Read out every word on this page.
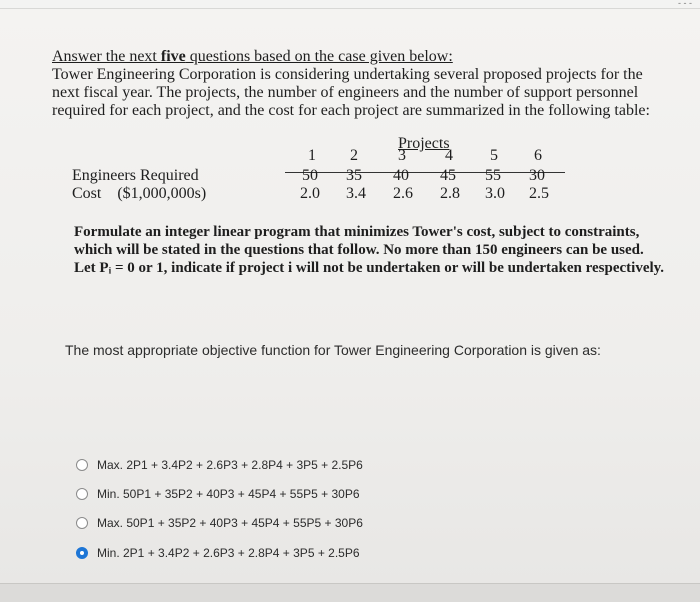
- - -

Answer the next five questions based on the case given below:

Tower Engineering Corporation is considering undertaking several proposed projects for the

next fiscal year. The projects, the number of engineers and the number of support personnel

required for each project, and the cost for each project are summarized in the following table:

Projects
1	2	3	4	5	6
Engineers Required	50	35	40	45	55	30
Cost    ($1,000,000s)	2.0	3.4	2.6	2.8	3.0	2.5

Formulate an integer linear program that minimizes Tower's cost, subject to constraints,

which will be stated in the questions that follow. No more than 150 engineers can be used.

Let Pᵢ = 0 or 1, indicate if project i will not be undertaken or will be undertaken respectively.

The most appropriate objective function for Tower Engineering Corporation is given as:
Max. 2P1 + 3.4P2 + 2.6P3 + 2.8P4 + 3P5 + 2.5P6
Min. 50P1 + 35P2 + 40P3 + 45P4 + 55P5 + 30P6
Max. 50P1 + 35P2 + 40P3 + 45P4 + 55P5 + 30P6
Min. 2P1 + 3.4P2 + 2.6P3 + 2.8P4 + 3P5 + 2.5P6
